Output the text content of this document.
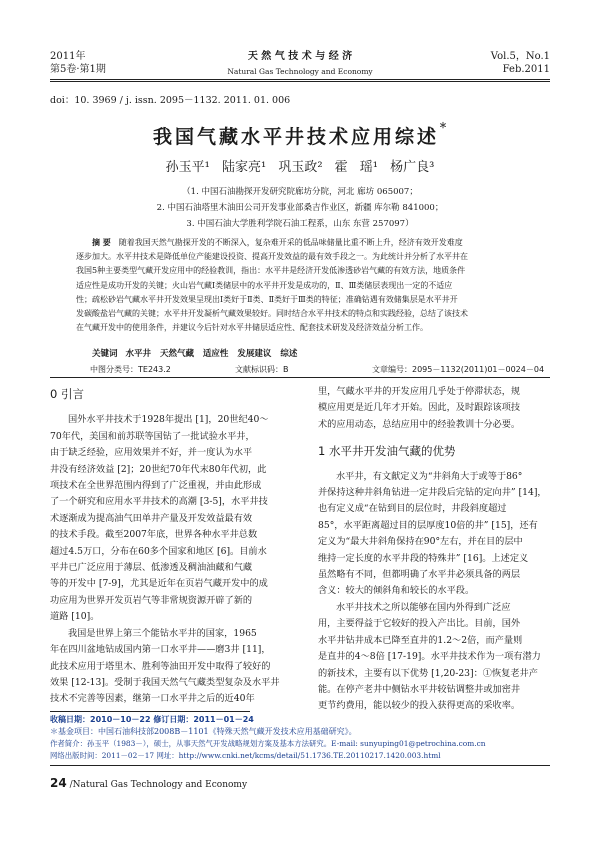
2011年
第5卷·第1期
天 然 气 技 术 与 经 济
Natural Gas Technology and Economy
Vol.5，No.1
Feb.2011
doi：10. 3969 / j. issn. 2095－1132. 2011. 01. 006
我国气藏水平井技术应用综述＊
孙玉平¹ 陆家亮¹ 巩玉政² 霍 瑶¹ 杨广良³
（1. 中国石油勘探开发研究院廊坊分院，河北 廊坊 065007；
2. 中国石油塔里木油田公司开发事业部桑吉作业区，新疆 库尔勒 841000；
3. 中国石油大学胜利学院石油工程系，山东 东营 257097）
摘 要 随着我国天然气勘探开发的不断深入，复杂难开采的低品味储量比重不断上升，经济有效开发难度
逐步加大。水平井技术是降低单位产能建设投资、提高开发效益的最有效手段之一。为此统计并分析了水平井在
我国5种主要类型气藏开发应用中的经验教训，指出：水平井是经济开发低渗透砂岩气藏的有效方法，地质条件
适应性是成功开发的关键；火山岩气藏Ⅰ类储层中的水平井开发是成功的，Ⅱ、Ⅲ类储层表现出一定的不适应
性；疏松砂岩气藏水平井开发效果呈现出Ⅰ类好于Ⅱ类、Ⅱ类好于Ⅲ类的特征；准确钻遇有效储集层是水平井开
发碳酸盐岩气藏的关键；水平井开发凝析气藏效果较好。同时结合水平井技术的特点和实践经验，总结了该技术
在气藏开发中的使用条件，并建议今后针对水平井储层适应性、配套技术研发及经济效益分析工作。
关键词 水平井 天然气藏 适应性 发展建议 综述
中图分类号：TE243.2	文献标识码：B	文章编号：2095－1132(2011)01－0024－04
0 引言
国外水平井技术于1928年提出 [1]，20世纪40～
70年代，美国和前苏联等国钻了一批试验水平井，
由于缺乏经验，应用效果并不好，并一度认为水平
井没有经济效益 [2]；20世纪70年代末80年代初，此
项技术在全世界范围内得到了广泛重视，并由此形成
了一个研究和应用水平井技术的高潮 [3-5]，水平井技
术逐渐成为提高油气田单井产量及开发效益最有效
的技术手段。截至2007年底，世界各种水平井总数
超过4.5万口，分布在60多个国家和地区 [6]。目前水
平井已广泛应用于薄层、低渗透及稠油油藏和气藏
等的开发中 [7-9]，尤其是近年在页岩气藏开发中的成
功应用为世界开发页岩气等非常规资源开辟了新的
道路 [10]。
我国是世界上第三个能钻水平井的国家，1965
年在四川盆地钻成国内第一口水平井——磨3井 [11]，
此技术应用于塔里木、胜利等油田开发中取得了较好的
效果 [12-13]。受制于我国天然气气藏类型复杂及水平井
技术不完善等因素，继第一口水平井之后的近40年
里，气藏水平井的开发应用几乎处于停滞状态，规
模应用更是近几年才开始。因此，及时跟踪该项技
术的应用动态，总结应用中的经验教训十分必要。
1 水平井开发油气藏的优势
水平井，有文献定义为“井斜角大于或等于86°
并保持这种井斜角钻进一定井段后完钻的定向井” [14]，
也有定义成“在钻到目的层位时，井段斜度超过
85°，水平距离超过目的层厚度10倍的井” [15]，还有
定义为“最大井斜角保持在90°左右，并在目的层中
维持一定长度的水平井段的特殊井” [16]。上述定义
虽然略有不同，但都明确了水平井必须具备的两层
含义：较大的倾斜角和较长的水平段。
水平井技术之所以能够在国内外得到广泛应
用，主要得益于它较好的投入产出比。目前，国外
水平井钻井成本已降至直井的1.2～2倍，而产量则
是直井的4～8倍 [17-19]。水平井技术作为一项有潜力
的新技术，主要有以下优势 [1,20-23]：①恢复老井产
能。在停产老井中侧钻水平井较钻调整井或加密井
更节约费用，能以较少的投入获得更高的采收率。
收稿日期：2010－10－22 修订日期：2011－01－24
＊基金项目：中国石油科技部2008B－1101《特殊天然气藏开发技术应用基础研究》。
作者简介：孙玉平（1983－），硕士，从事天然气开发战略规划方案及基本方法研究。E-mail: sunyuping01@petrochina.com.cn
网络出版时间：2011－02－17 网址：http://www.cnki.net/kcms/detail/51.1736.TE.20110217.1420.003.html
24 /Natural Gas Technology and Economy
